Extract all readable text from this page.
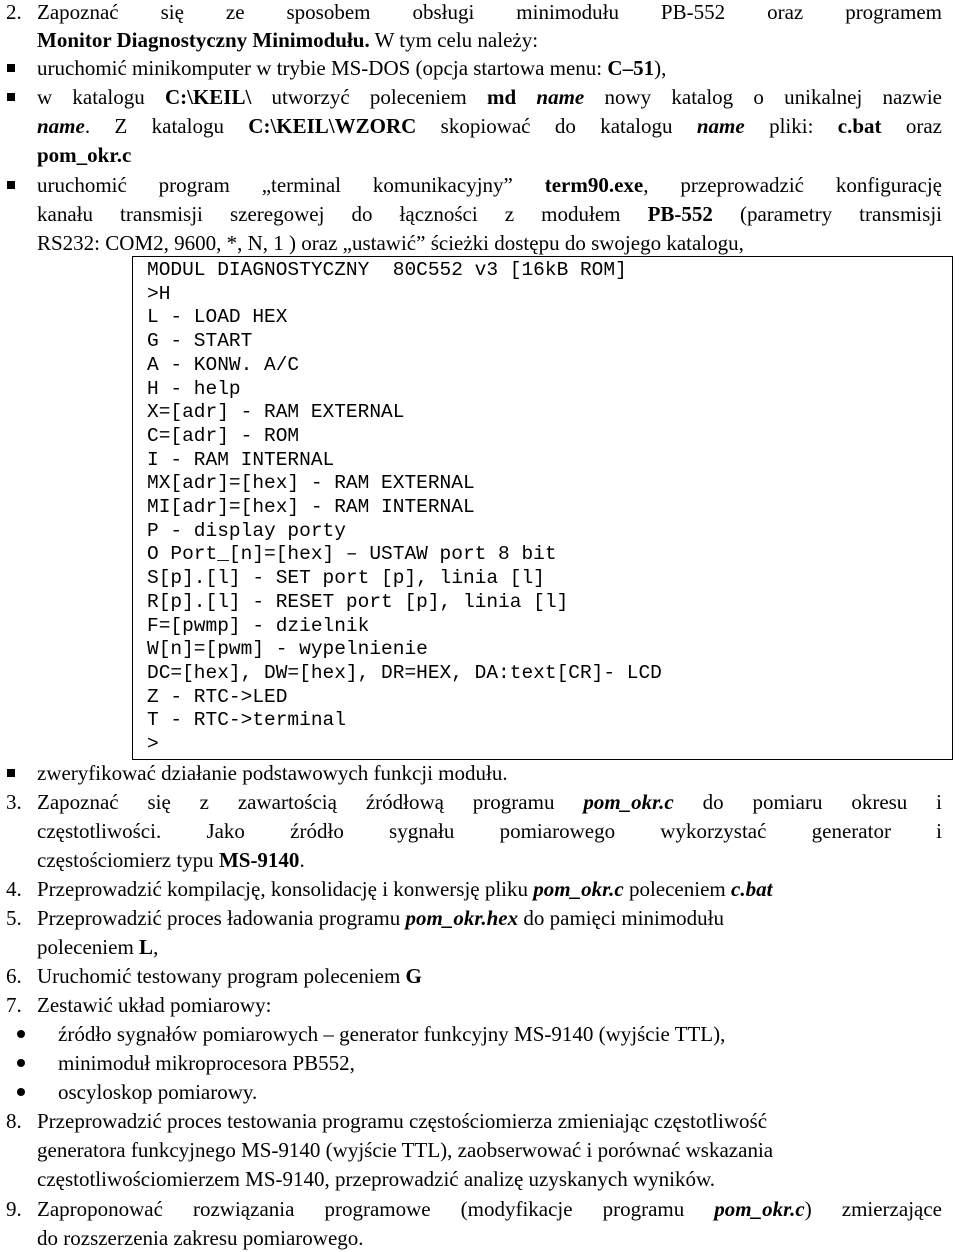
2. Zapoznać się ze sposobem obsługi minimodułu PB-552 oraz programem
Monitor Diagnostyczny Minimodułu. W tym celu należy:
uruchomić minikomputer w trybie MS-DOS (opcja startowa menu: C–51),
w katalogu C:\KEIL\ utworzyć poleceniem md name nowy katalog o unikalnej nazwie
name. Z katalogu C:\KEIL\WZORC skopiować do katalogu name pliki: c.bat oraz
pom_okr.c
uruchomić program „terminal komunikacyjny” term90.exe, przeprowadzić konfigurację
kanału transmisji szeregowej do łączności z modułem PB-552 (parametry transmisji
RS232: COM2, 9600, *, N, 1 ) oraz „ustawić” ścieżki dostępu do swojego katalogu,
MODUL DIAGNOSTYCZNY  80C552 v3 [16kB ROM]
>H
L - LOAD HEX
G - START
A - KONW. A/C
H - help
X=[adr] - RAM EXTERNAL
C=[adr] - ROM
I - RAM INTERNAL
MX[adr]=[hex] - RAM EXTERNAL
MI[adr]=[hex] - RAM INTERNAL
P - display porty
O Port_[n]=[hex] – USTAW port 8 bit
S[p].[l] - SET port [p], linia [l]
R[p].[l] - RESET port [p], linia [l]
F=[pwmp] - dzielnik
W[n]=[pwm] - wypelnienie
DC=[hex], DW=[hex], DR=HEX, DA:text[CR]- LCD
Z - RTC->LED
T - RTC->terminal
>
zweryfikować działanie podstawowych funkcji modułu.
3. Zapoznać się z zawartością źródłową programu pom_okr.c do pomiaru okresu i
częstotliwości. Jako źródło sygnału pomiarowego wykorzystać generator i
częstościomierz typu MS-9140.
4. Przeprowadzić kompilację, konsolidację i konwersję pliku pom_okr.c poleceniem c.bat
5. Przeprowadzić proces ładowania programu pom_okr.hex do pamięci minimodułu
poleceniem L,
6. Uruchomić testowany program poleceniem G
7. Zestawić układ pomiarowy:
źródło sygnałów pomiarowych – generator funkcyjny MS-9140 (wyjście TTL),
minimoduł mikroprocesora PB552,
oscyloskop pomiarowy.
8. Przeprowadzić proces testowania programu częstościomierza zmieniając częstotliwość
generatora funkcyjnego MS-9140 (wyjście TTL), zaobserwować i porównać wskazania
częstotliwościomierzem MS-9140, przeprowadzić analizę uzyskanych wyników.
9. Zaproponować rozwiązania programowe (modyfikacje programu pom_okr.c) zmierzające
do rozszerzenia zakresu pomiarowego.
